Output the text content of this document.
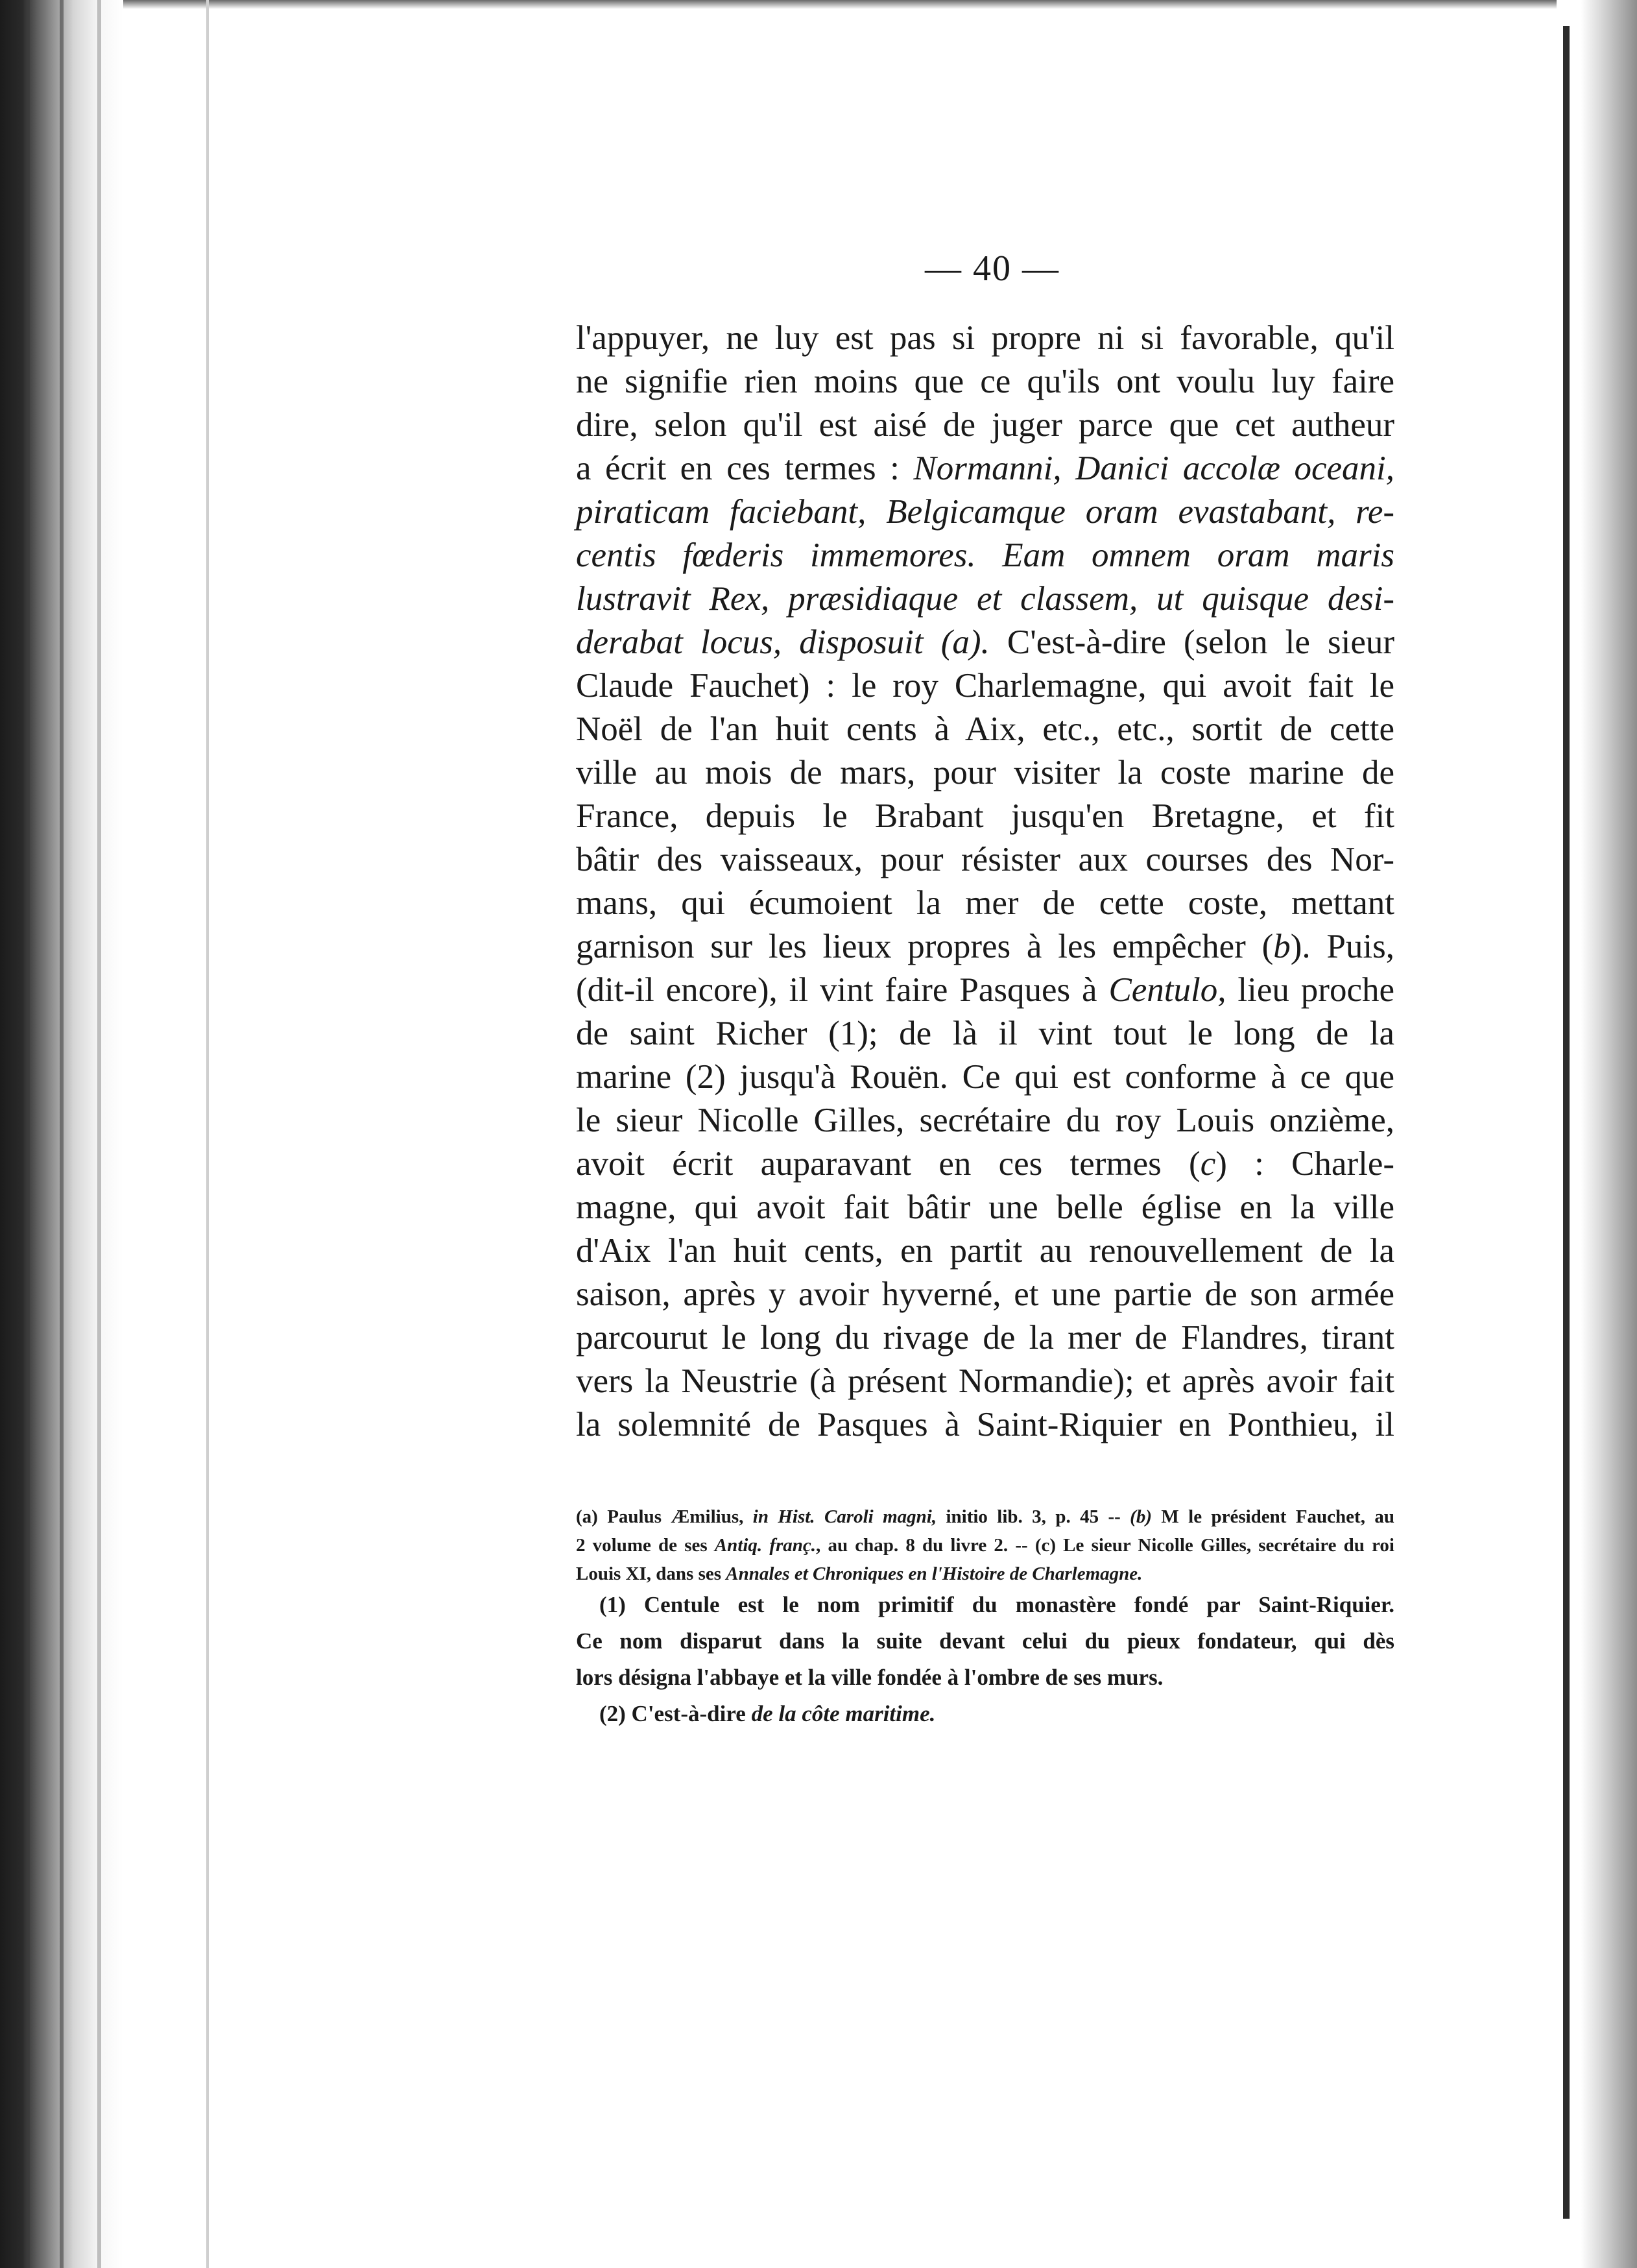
— 40 —
l'appuyer, ne luy est pas si propre ni si favorable, qu'il
ne signifie rien moins que ce qu'ils ont voulu luy faire
dire, selon qu'il est aisé de juger parce que cet autheur
a écrit en ces termes : Normanni, Danici accolæ oceani,
piraticam faciebant, Belgicamque oram evastabant, re-
centis fœderis immemores. Eam omnem oram maris
lustravit Rex, præsidiaque et classem, ut quisque desi-
derabat locus, disposuit (a). C'est-à-dire (selon le sieur
Claude Fauchet) : le roy Charlemagne, qui avoit fait le
Noël de l'an huit cents à Aix, etc., etc., sortit de cette
ville au mois de mars, pour visiter la coste marine de
France, depuis le Brabant jusqu'en Bretagne, et fit
bâtir des vaisseaux, pour résister aux courses des Nor-
mans, qui écumoient la mer de cette coste, mettant
garnison sur les lieux propres à les empêcher (b). Puis,
(dit-il encore), il vint faire Pasques à Centulo, lieu proche
de saint Richer (1); de là il vint tout le long de la
marine (2) jusqu'à Rouën. Ce qui est conforme à ce que
le sieur Nicolle Gilles, secrétaire du roy Louis onzième,
avoit écrit auparavant en ces termes (c) : Charle-
magne, qui avoit fait bâtir une belle église en la ville
d'Aix l'an huit cents, en partit au renouvellement de la
saison, après y avoir hyverné, et une partie de son armée
parcourut le long du rivage de la mer de Flandres, tirant
vers la Neustrie (à présent Normandie); et après avoir fait
la solemnité de Pasques à Saint-Riquier en Ponthieu, il
(a) Paulus Æmilius, in Hist. Caroli magni, initio lib. 3, p. 45 -- (b) M le président Fauchet, au
2 volume de ses Antiq. franç., au chap. 8 du livre 2. -- (c) Le sieur Nicolle Gilles, secrétaire du roi
Louis XI, dans ses Annales et Chroniques en l'Histoire de Charlemagne.
(1) Centule est le nom primitif du monastère fondé par Saint-Riquier.
Ce nom disparut dans la suite devant celui du pieux fondateur, qui dès
lors désigna l'abbaye et la ville fondée à l'ombre de ses murs.
(2) C'est-à-dire de la côte maritime.
